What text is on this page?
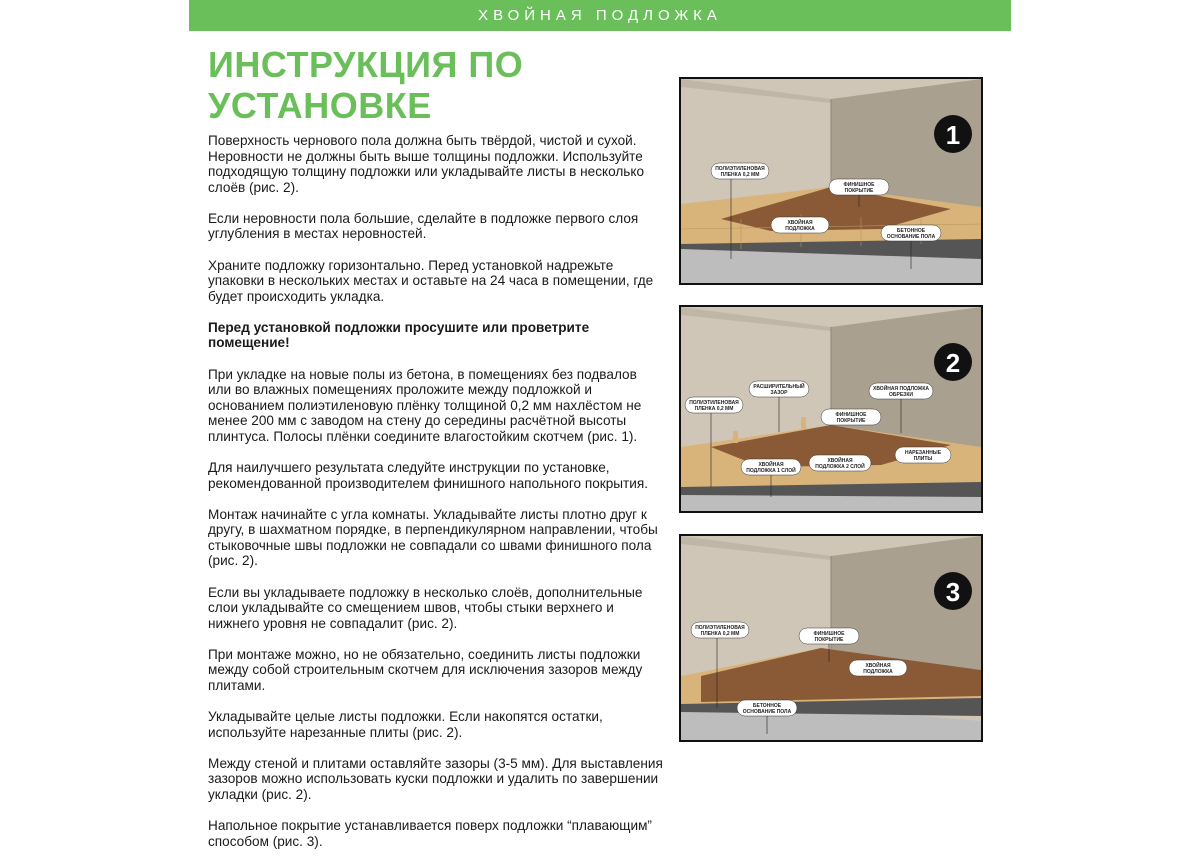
ХВОЙНАЯ ПОДЛОЖКА
ИНСТРУКЦИЯ ПО
УСТАНОВКЕ

Поверхность чернового пола должна быть твёрдой, чистой и сухой. Неровности не должны быть выше толщины подложки. Используйте подходящую толщину подложки или укладывайте листы в несколько слоёв (рис. 2).

Если неровности пола большие, сделайте в подложке первого слоя углубления в местах неровностей.

Храните подложку горизонтально. Перед установкой надрежьте упаковки в нескольких местах и оставьте на 24 часа в помещении, где будет происходить укладка.

Перед установкой подложки просушите или проветрите помещение!

При укладке на новые полы из бетона, в помещениях без подвалов или во влажных помещениях проложите между подложкой и основанием полиэтиленовую плёнку толщиной 0,2 мм нахлёстом не менее 200 мм с заводом на стену до середины расчётной высоты плинтуса. Полосы плёнки соедините влагостойким скотчем (рис. 1).

Для наилучшего результата следуйте инструкции по установке, рекомендованной производителем финишного напольного покрытия.

Монтаж начинайте с угла комнаты. Укладывайте листы плотно друг к другу, в шахматном порядке, в перпендикулярном направлении, чтобы стыковочные швы подложки не совпадали со швами финишного пола (рис. 2).

Если вы укладываете подложку в несколько слоёв, дополнительные слои укладывайте со смещением швов, чтобы стыки верхнего и нижнего уровня не совпадалит (рис. 2).

При монтаже можно, но не обязательно, соединить листы подложки между собой строительным скотчем для исключения зазоров между плитами.

Укладывайте целые листы подложки. Если накопятся остатки, используйте нарезанные плиты (рис. 2).

Между стеной и плитами оставляйте зазоры (3-5 мм). Для выставления зазоров можно использовать куски подложки и удалить по завершении укладки (рис. 2).

Напольное покрытие устанавливается поверх подложки “плавающим” способом (рис. 3).

1
ПОЛИЭТИЛЕНОВАЯ
ПЛЕНКА 0,2 ММ
ФИНИШНОЕ
ПОКРЫТИЕ
ХВОЙНАЯ
ПОДЛОЖКА	БЕТОННОЕ
ОСНОВАНИЕ ПОЛА
2
ПОЛИЭТИЛЕНОВАЯ
ПЛЕНКА 0,2 ММ
РАСШИРИТЕЛЬНЫЙ
ЗАЗОР
ХВОЙНАЯ ПОДЛОЖКА
ОБРЕЗКИ
ФИНИШНОЕ
ПОКРЫТИЕ
НАРЕЗАННЫЕ
ПЛИТЫ
ХВОЙНАЯ
ПОДЛОЖКА 1 СЛОЙ
ХВОЙНАЯ
ПОДЛОЖКА 2 СЛОЙ
3
ПОЛИЭТИЛЕНОВАЯ
ПЛЕНКА 0,2 ММ	ФИНИШНОЕ
ПОКРЫТИЕ
ХВОЙНАЯ
ПОДЛОЖКА
БЕТОННОЕ
ОСНОВАНИЕ ПОЛА
